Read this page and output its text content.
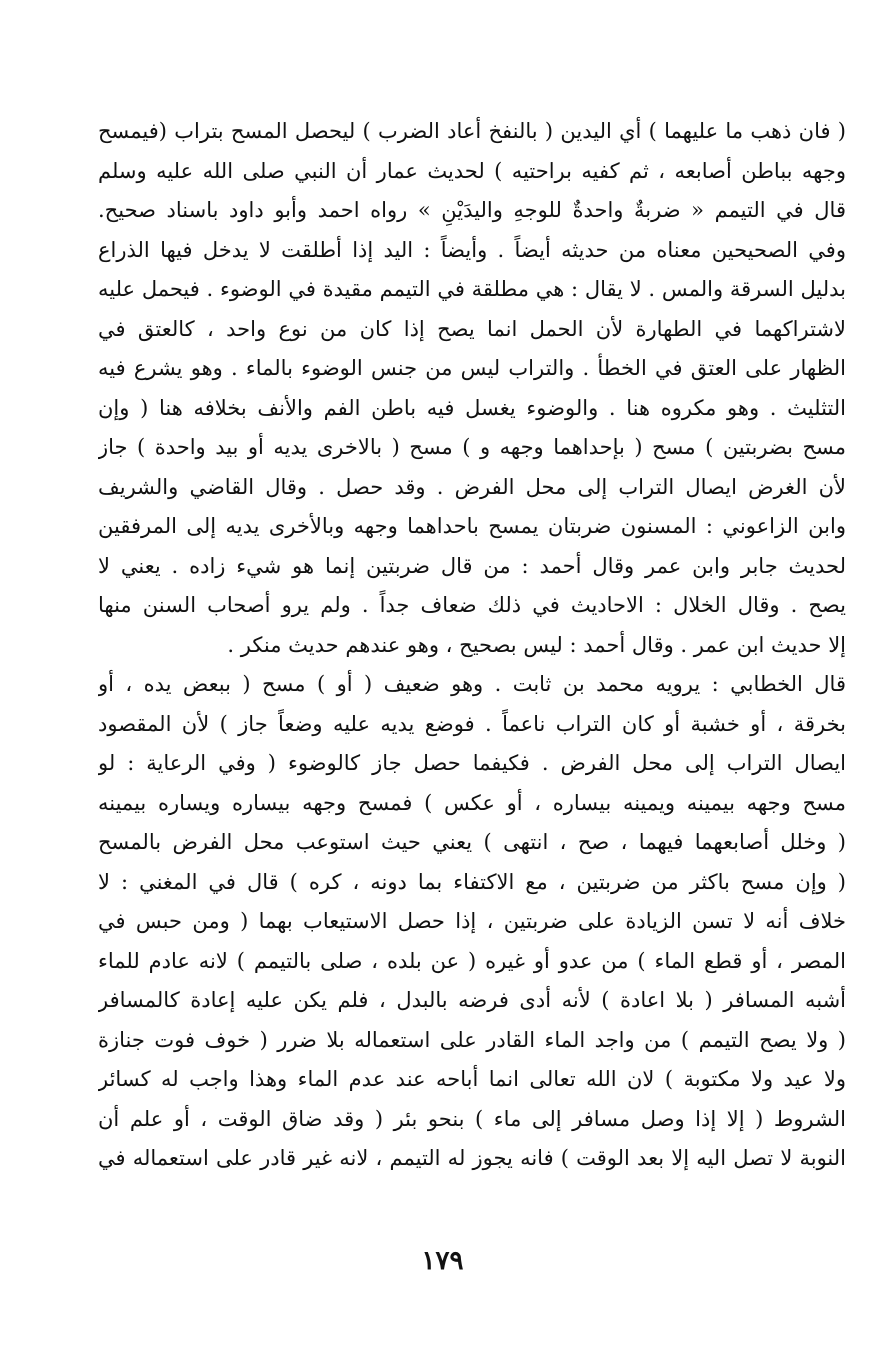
( فان ذهب ما عليهما ) أي اليدين ( بالنفخ أعاد الضرب ) ليحصل المسح بتراب (فيمسح
وجهه بباطن أصابعه ، ثم كفيه براحتيه ) لحديث عمار أن النبي صلى الله عليه وسلم
قال في التيمم « ضربةٌ واحدةٌ للوجهِ واليدَيْنِ » رواه احمد وأبو داود باسناد صحيح.
وفي الصحيحين معناه من حديثه أيضاً . وأيضاً : اليد إذا أطلقت لا يدخل فيها الذراع
بدليل السرقة والمس . لا يقال : هي مطلقة في التيمم مقيدة في الوضوء . فيحمل عليه
لاشتراكهما في الطهارة لأن الحمل انما يصح إذا كان من نوع واحد ، كالعتق في
الظهار على العتق في الخطأ . والتراب ليس من جنس الوضوء بالماء . وهو يشرع فيه
التثليث . وهو مكروه هنا . والوضوء يغسل فيه باطن الفم والأنف بخلافه هنا ( وإن
مسح بضربتين ) مسح ( بإحداهما وجهه و ) مسح ( بالاخرى يديه أو بيد واحدة ) جاز
لأن الغرض ايصال التراب إلى محل الفرض . وقد حصل . وقال القاضي والشريف
وابن الزاعوني : المسنون ضربتان يمسح باحداهما وجهه وبالأخرى يديه إلى المرفقين
لحديث جابر وابن عمر وقال أحمد : من قال ضربتين إنما هو شيء زاده . يعني لا
يصح . وقال الخلال : الاحاديث في ذلك ضعاف جداً . ولم يرو أصحاب السنن منها
إلا حديث ابن عمر . وقال أحمد : ليس بصحيح ، وهو عندهم حديث منكر .
قال الخطابي : يرويه محمد بن ثابت . وهو ضعيف ( أو ) مسح ( ببعض يده ، أو
بخرقة ، أو خشبة أو كان التراب ناعماً . فوضع يديه عليه وضعاً جاز ) لأن المقصود
ايصال التراب إلى محل الفرض . فكيفما حصل جاز كالوضوء ( وفي الرعاية : لو
مسح وجهه بيمينه ويمينه بيساره ، أو عكس ) فمسح وجهه بيساره ويساره بيمينه
( وخلل أصابعهما فيهما ، صح ، انتهى ) يعني حيث استوعب محل الفرض بالمسح
( وإن مسح باكثر من ضربتين ، مع الاكتفاء بما دونه ، كره ) قال في المغني : لا
خلاف أنه لا تسن الزيادة على ضربتين ، إذا حصل الاستيعاب بهما ( ومن حبس في
المصر ، أو قطع الماء ) من عدو أو غيره ( عن بلده ، صلى بالتيمم ) لانه عادم للماء
أشبه المسافر ( بلا اعادة ) لأنه أدى فرضه بالبدل ، فلم يكن عليه إعادة كالمسافر
( ولا يصح التيمم ) من واجد الماء القادر على استعماله بلا ضرر ( خوف فوت جنازة
ولا عيد ولا مكتوبة ) لان الله تعالى انما أباحه عند عدم الماء وهذا واجب له كسائر
الشروط ( إلا إذا وصل مسافر إلى ماء ) بنحو بئر ( وقد ضاق الوقت ، أو علم أن
النوبة لا تصل اليه إلا بعد الوقت ) فانه يجوز له التيمم ، لانه غير قادر على استعماله في
١٧٩
